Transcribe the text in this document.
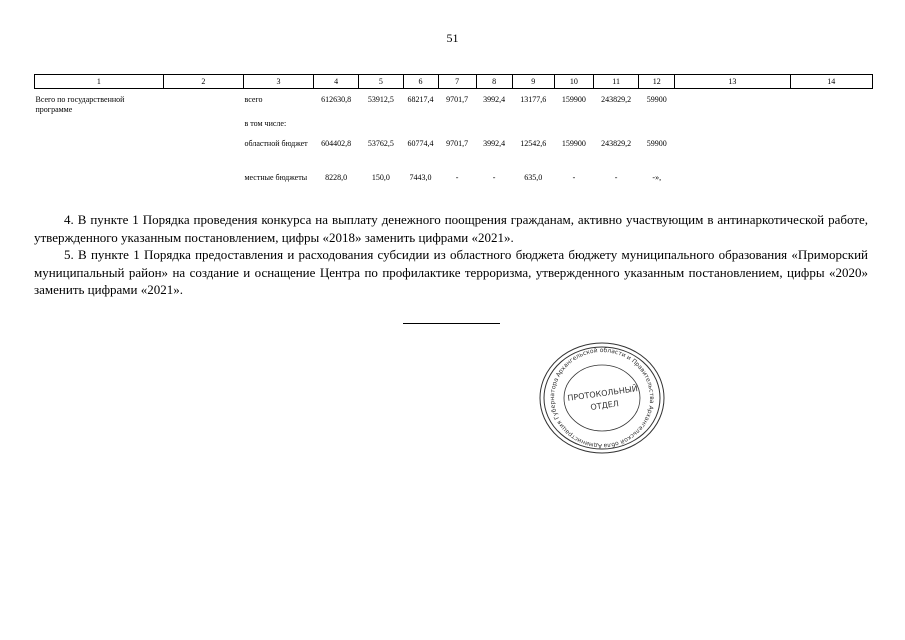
51
1	2	3	4	5	6	7	8	9	10	11	12	13	14
Всего по государственной программе		всего	612630,8	53912,5	68217,4	9701,7	3992,4	13177,6	159900	243829,2	59900		
		в том числе:											
		областной бюджет	604402,8	53762,5	60774,4	9701,7	3992,4	12542,6	159900	243829,2	59900		
		местные бюджеты	8228,0	150,0	7443,0	-	-	635,0	-	-	-»,		

4. В пункте 1 Порядка проведения конкурса на выплату денежного поощрения гражданам, активно участвующим в антинаркотической работе, утвержденного указанным постановлением, цифры «2018» заменить цифрами «2021».

5. В пункте 1 Порядка предоставления и расходования субсидии из областного бюджета бюджету муниципального образования «Приморский муниципальный район» на создание и оснащение Центра по профилактике терроризма, утвержденного указанным постановлением, цифры «2020» заменить цифрами «2021».

Администрация Губернатора Архангельской области и Правительства Архангельской обла
ПРОТОКОЛЬНЫЙ
ОТДЕЛ
